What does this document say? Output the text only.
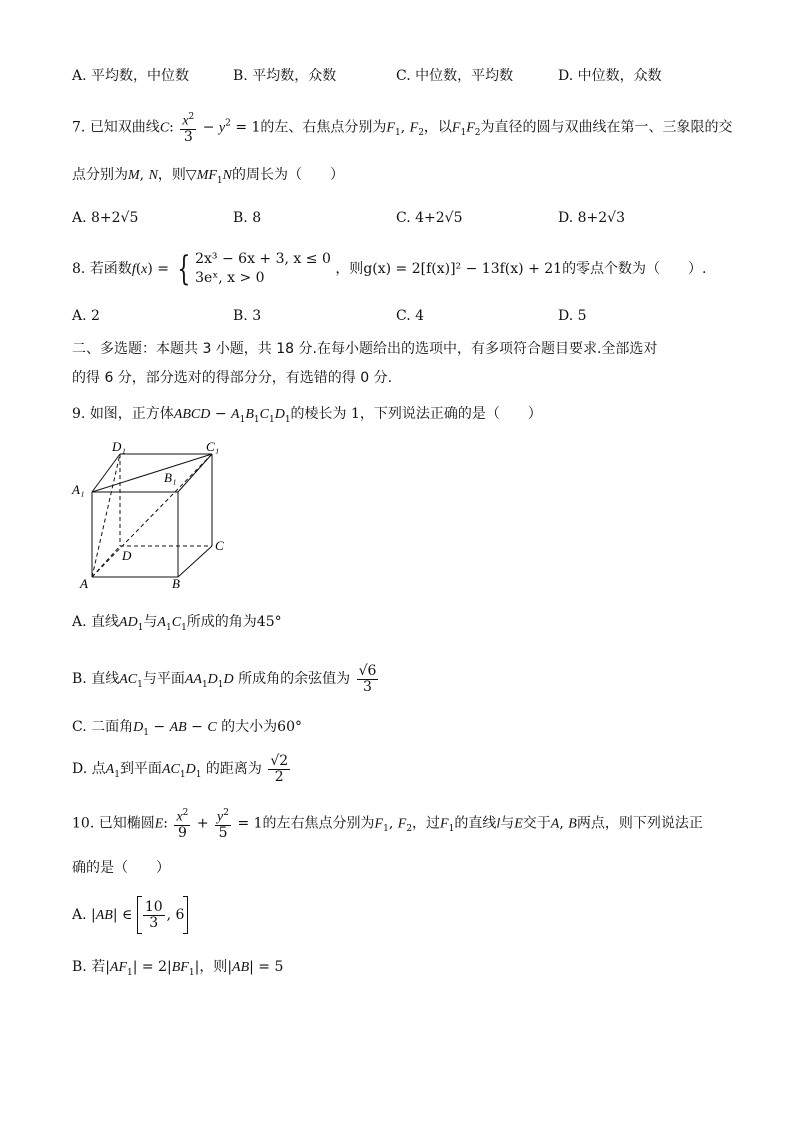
A. 平均数，中位数	B. 平均数，众数	C. 中位数，平均数	D. 中位数，众数
7. 已知双曲线C: $\frac{x^2}{3} - y^2 = 1$的左、右焦点分别为$F_1$, $F_2$，以$F_1F_2$为直径的圆与双曲线在第一、三象限的交
点分别为M, N，则$▽MF_1N$的周长为（　　）
A. 8+2√5	B. 8	C. 4+2√5	D. 8+2√3
8. 若函数f(x) = { 2x³ − 6x + 3, x ≤ 0
3eˣ, x > 0
，则g(x) = 2[f(x)]² − 13f(x) + 21的零点个数为（　　）.
A. 2	B. 3	C. 4	D. 5
二、多选题：本题共 3 小题，共 18 分.在每小题给出的选项中，有多项符合题目要求.全部选对
的得 6 分，部分选对的得部分分，有选错的得 0 分.
9. 如图，正方体ABCD − $A_1B_1C_1D_1$的棱长为 1，下列说法正确的是（　　）
D₁	C₁
A₁
B₁
D
C
A	B
A. 直线$AD_1$与$A_1C_1$所成的角为45°
B. 直线$AC_1$与平面$AA_1D_1D$ 所成角的余弦值为 $\frac{√6}{3}$
C. 二面角$D_1$ − AB − C 的大小为60°
D. 点$A_1$到平面$AC_1D_1$ 的距离为 $\frac{√2}{2}$
10. 已知椭圆E: $\frac{x^2}{9} + \frac{y^2}{5} = 1$的左右焦点分别为$F_1$, $F_2$，过$F_1$的直线l与E交于A, B两点，则下列说法正
确的是（　　）
A. |AB| ∈ $\frac{10}{3}$ , 6
B. 若$|AF_1| = 2|BF_1|$，则|AB| = 5
